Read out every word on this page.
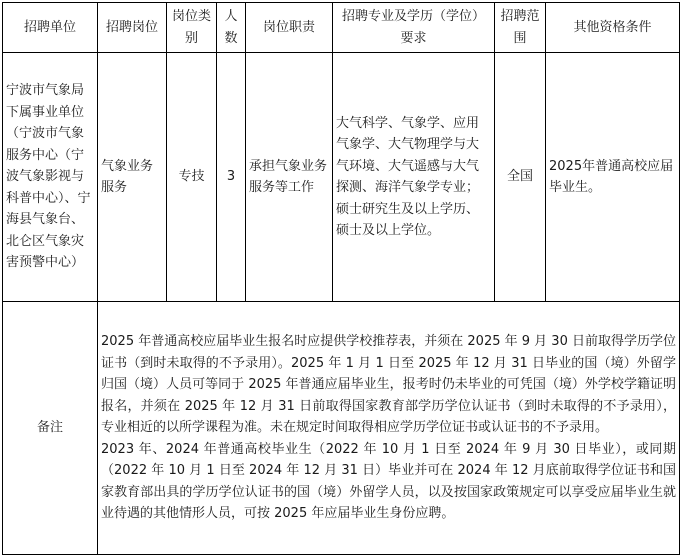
招聘单位	招聘岗位	岗位类别	人数	岗位职责	招聘专业及学历（学位）要求	招聘范围	其他资格条件
宁波市气象局下属事业单位（宁波市气象服务中心（宁波气象影视与科普中心）、宁海县气象台、北仑区气象灾害预警中心）	气象业务服务	专技	3	承担气象业务服务等工作	大气科学、气象学、应用气象学、大气物理学与大气环境、大气遥感与大气探测、海洋气象学专业；硕士研究生及以上学历、硕士及以上学位。	全国	2025年普通高校应届毕业生。
备注	2025 年普通高校应届毕业生报名时应提供学校推荐表，并须在 2025 年 9 月 30 日前取得学历学位证书（到时未取得的不予录用）。2025 年 1 月 1 日至 2025 年 12 月 31 日毕业的国（境）外留学归国（境）人员可等同于 2025 年普通应届毕业生，报考时仍未毕业的可凭国（境）外学校学籍证明报名，并须在 2025 年 12 月 31 日前取得国家教育部学历学位认证书（到时未取得的不予录用），专业相近的以所学课程为准。未在规定时间取得相应学历学位证书或认证书的不予录用。
2023 年、2024 年普通高校毕业生（2022 年 10 月 1 日至 2024 年 9 月 30 日毕业），或同期（2022 年 10 月 1 日至 2024 年 12 月 31 日）毕业并可在 2024 年 12 月底前取得学位证书和国家教育部出具的学历学位认证书的国（境）外留学人员，以及按国家政策规定可以享受应届毕业生就业待遇的其他情形人员，可按 2025 年应届毕业生身份应聘。						
